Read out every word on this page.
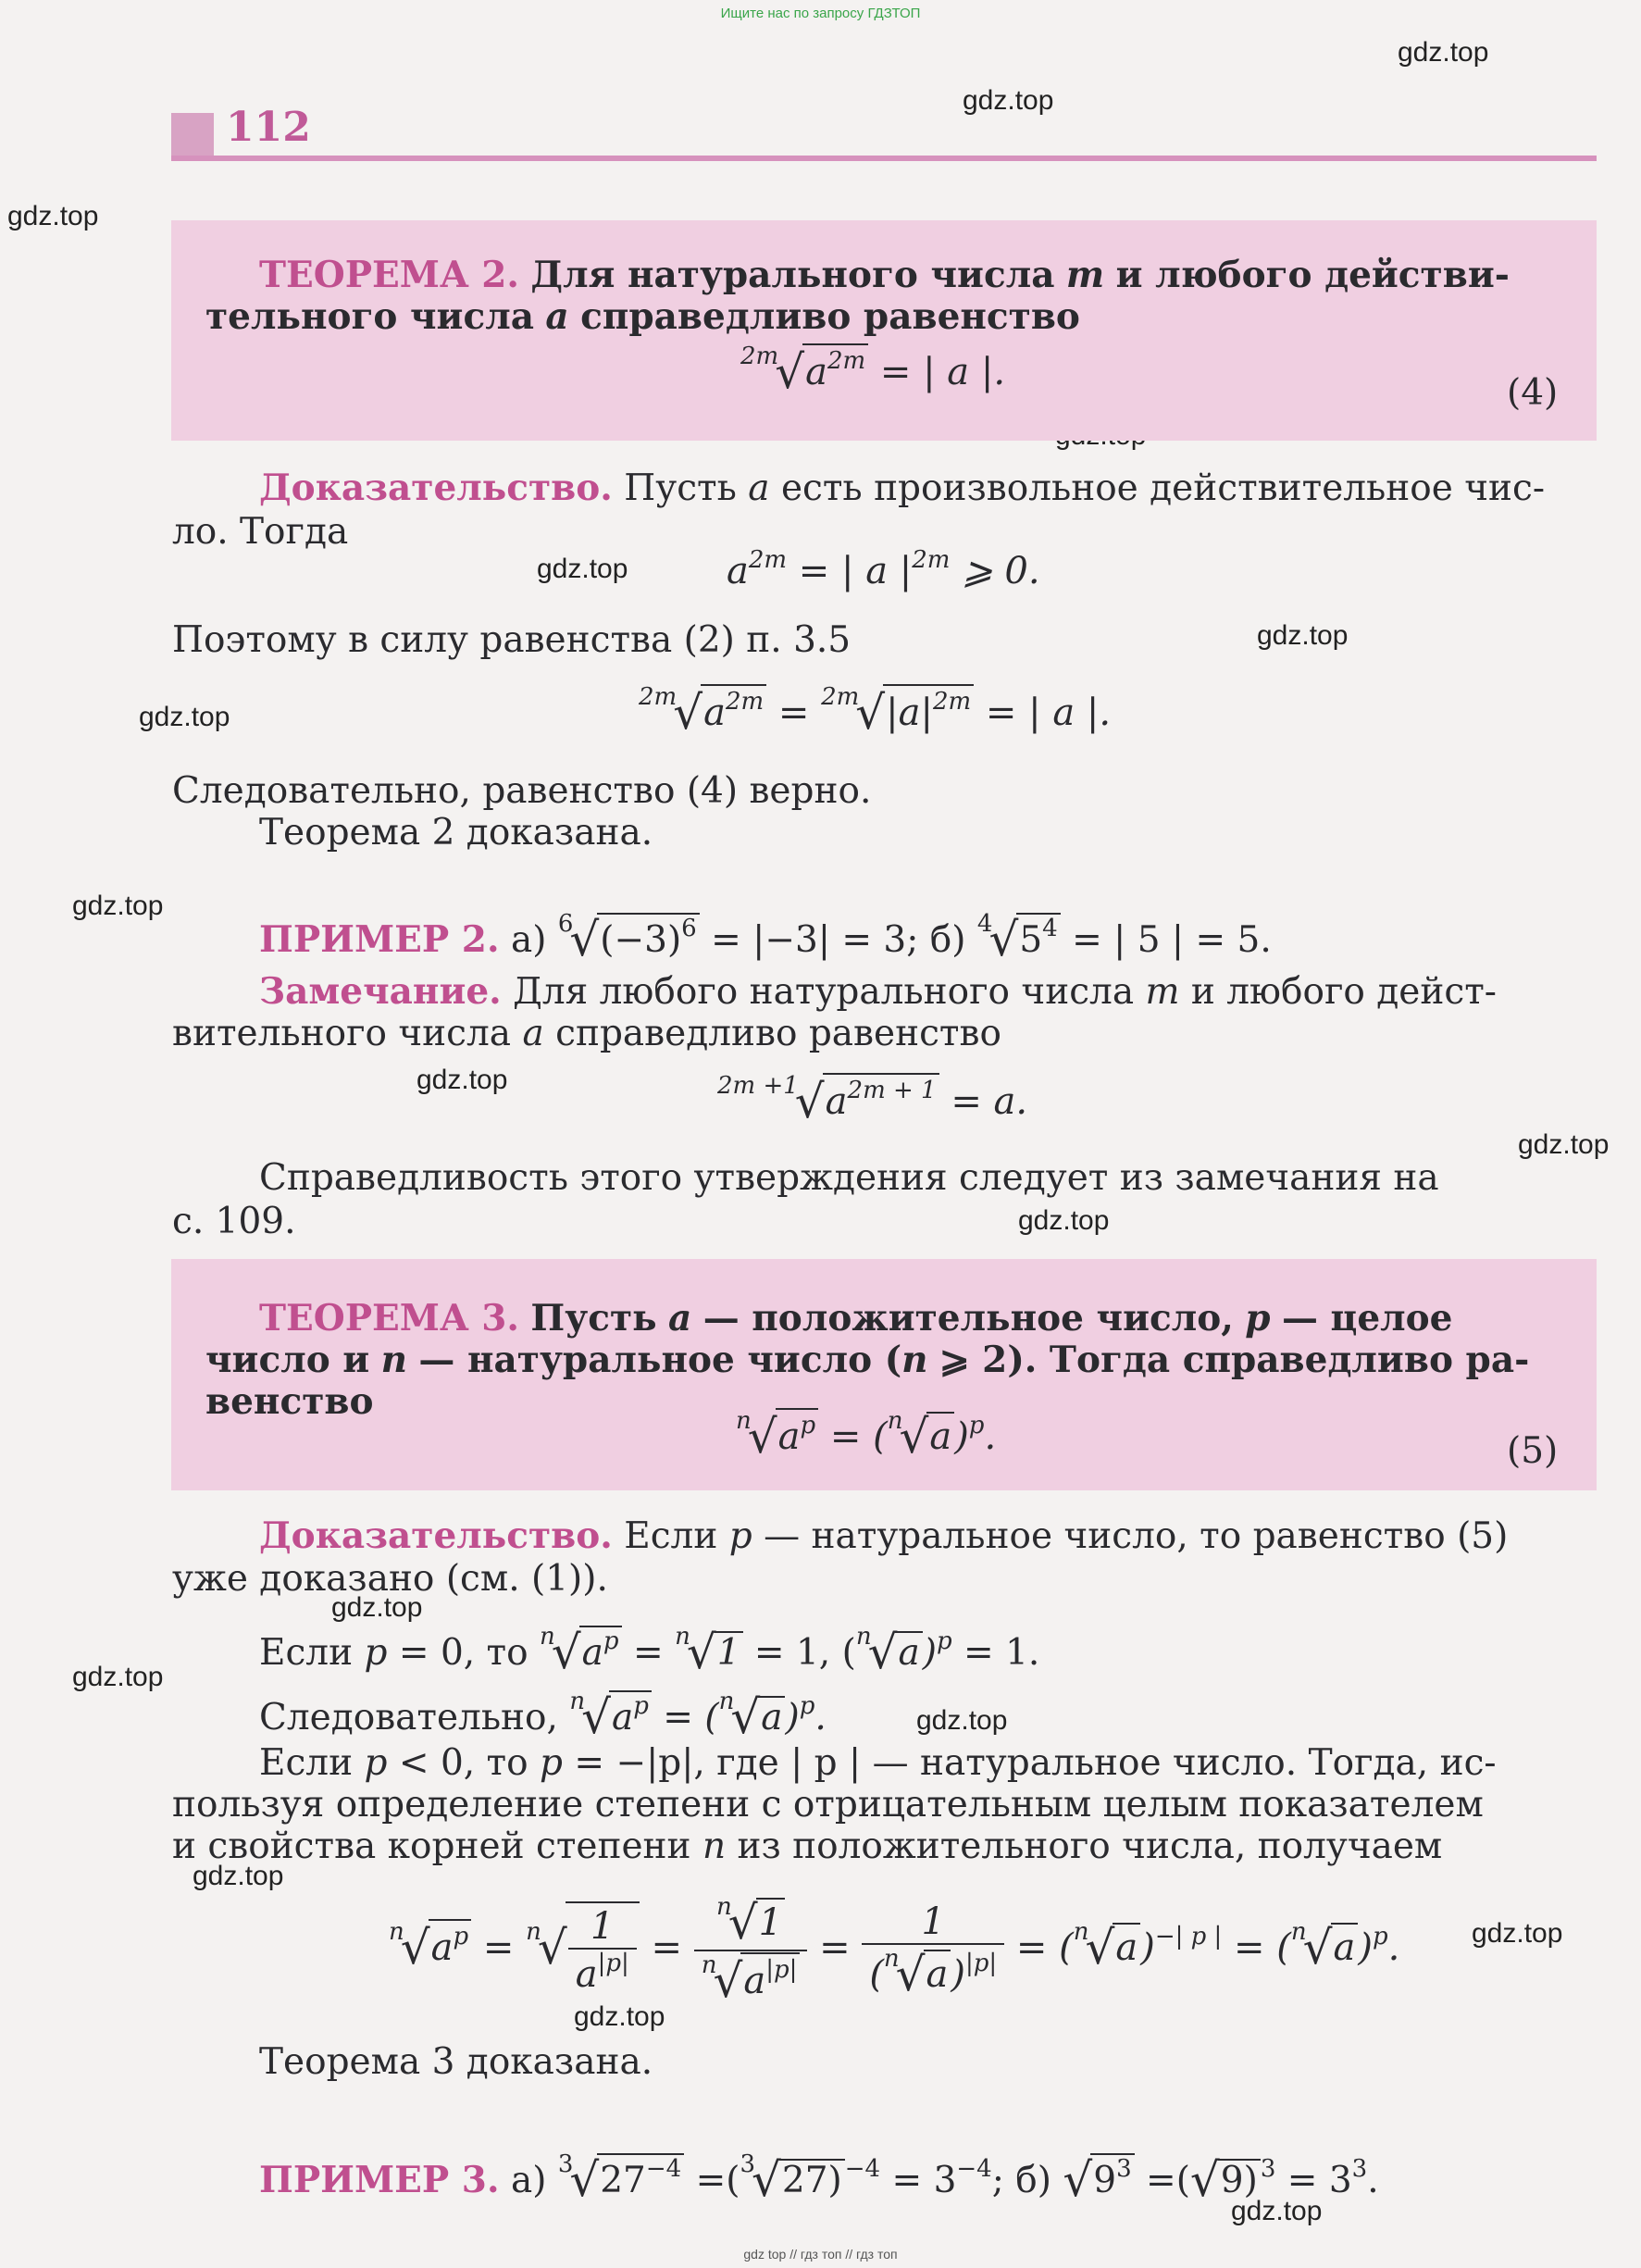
Ищите нас по запросу ГДЗТОП
gdz.top
gdz.top
gdz.top
gdz.top
gdz.top
gdz.top
gdz.top
gdz.top
gdz.top
gdz.top
gdz.top
gdz.top
gdz.top
gdz.top
gdz.top
gdz.top
gdz.top
112
ТЕОРЕМА 2. Для натурального числа m и любого действи-
тельного числа a справедливо равенство
$^{2m}√a^{2m}$ = | a |.	(4)
Доказательство. Пусть a есть произвольное действительное чис-
ло. Тогда
$a^{2m}$ = | a $|^{2m}$ ⩾ 0.
Поэтому в силу равенства (2) п. 3.5
$^{2m}√a^{2m} = ^{2m}√|a|^{2m}$ = | a |.
Следовательно, равенство (4) верно.
Теорема 2 доказана.
ПРИМЕР 2. а) $^6√(-3)^6 = |-3| = 3$; б) $^4√5^4$ = | 5 | = 5.
Замечание. Для любого натурального числа m и любого дейст-
вительного числа a справедливо равенство
$^{2m +1}√a^{2m + 1} = a$.
Справедливость этого утверждения следует из замечания на
с. 109.
ТЕОРЕМА 3. Пусть a — положительное число, p — целое
число и n — натуральное число (n ⩾ 2). Тогда справедливо ра-
венство	$^n√a^p = (^n√a)^p$.	(5)
Доказательство. Если p — натуральное число, то равенство (5)
уже доказано (см. (1)).
Если p = 0, то $^n√a^p = ^n√1 = 1$, $(^n√a)^p = 1$.
Следовательно, $^n√a^p = (^n√a)^p$.
Если p < 0, то p = −|p|, где | p | — натуральное число. Тогда, ис-
пользуя определение степени с отрицательным целым показателем
и свойства корней степени n из положительного числа, получаем
$^n√a^p = ^n√ \frac{1}{a^{|p|}} = \frac{^n√1}{^n√a^{|p|}} = \frac{1}{(^n√a)^{|p|}} = (^n√a)^{-| p |} = (^n√a)^p$.
Теорема 3 доказана.
ПРИМЕР 3. а) $^3√27^{-4} =(^3√27) ^{-4} = 3^{-4}$; б) $√9^3 =(√9) ^3 = 3^3$.
gdz top // гдз топ // гдз топ
